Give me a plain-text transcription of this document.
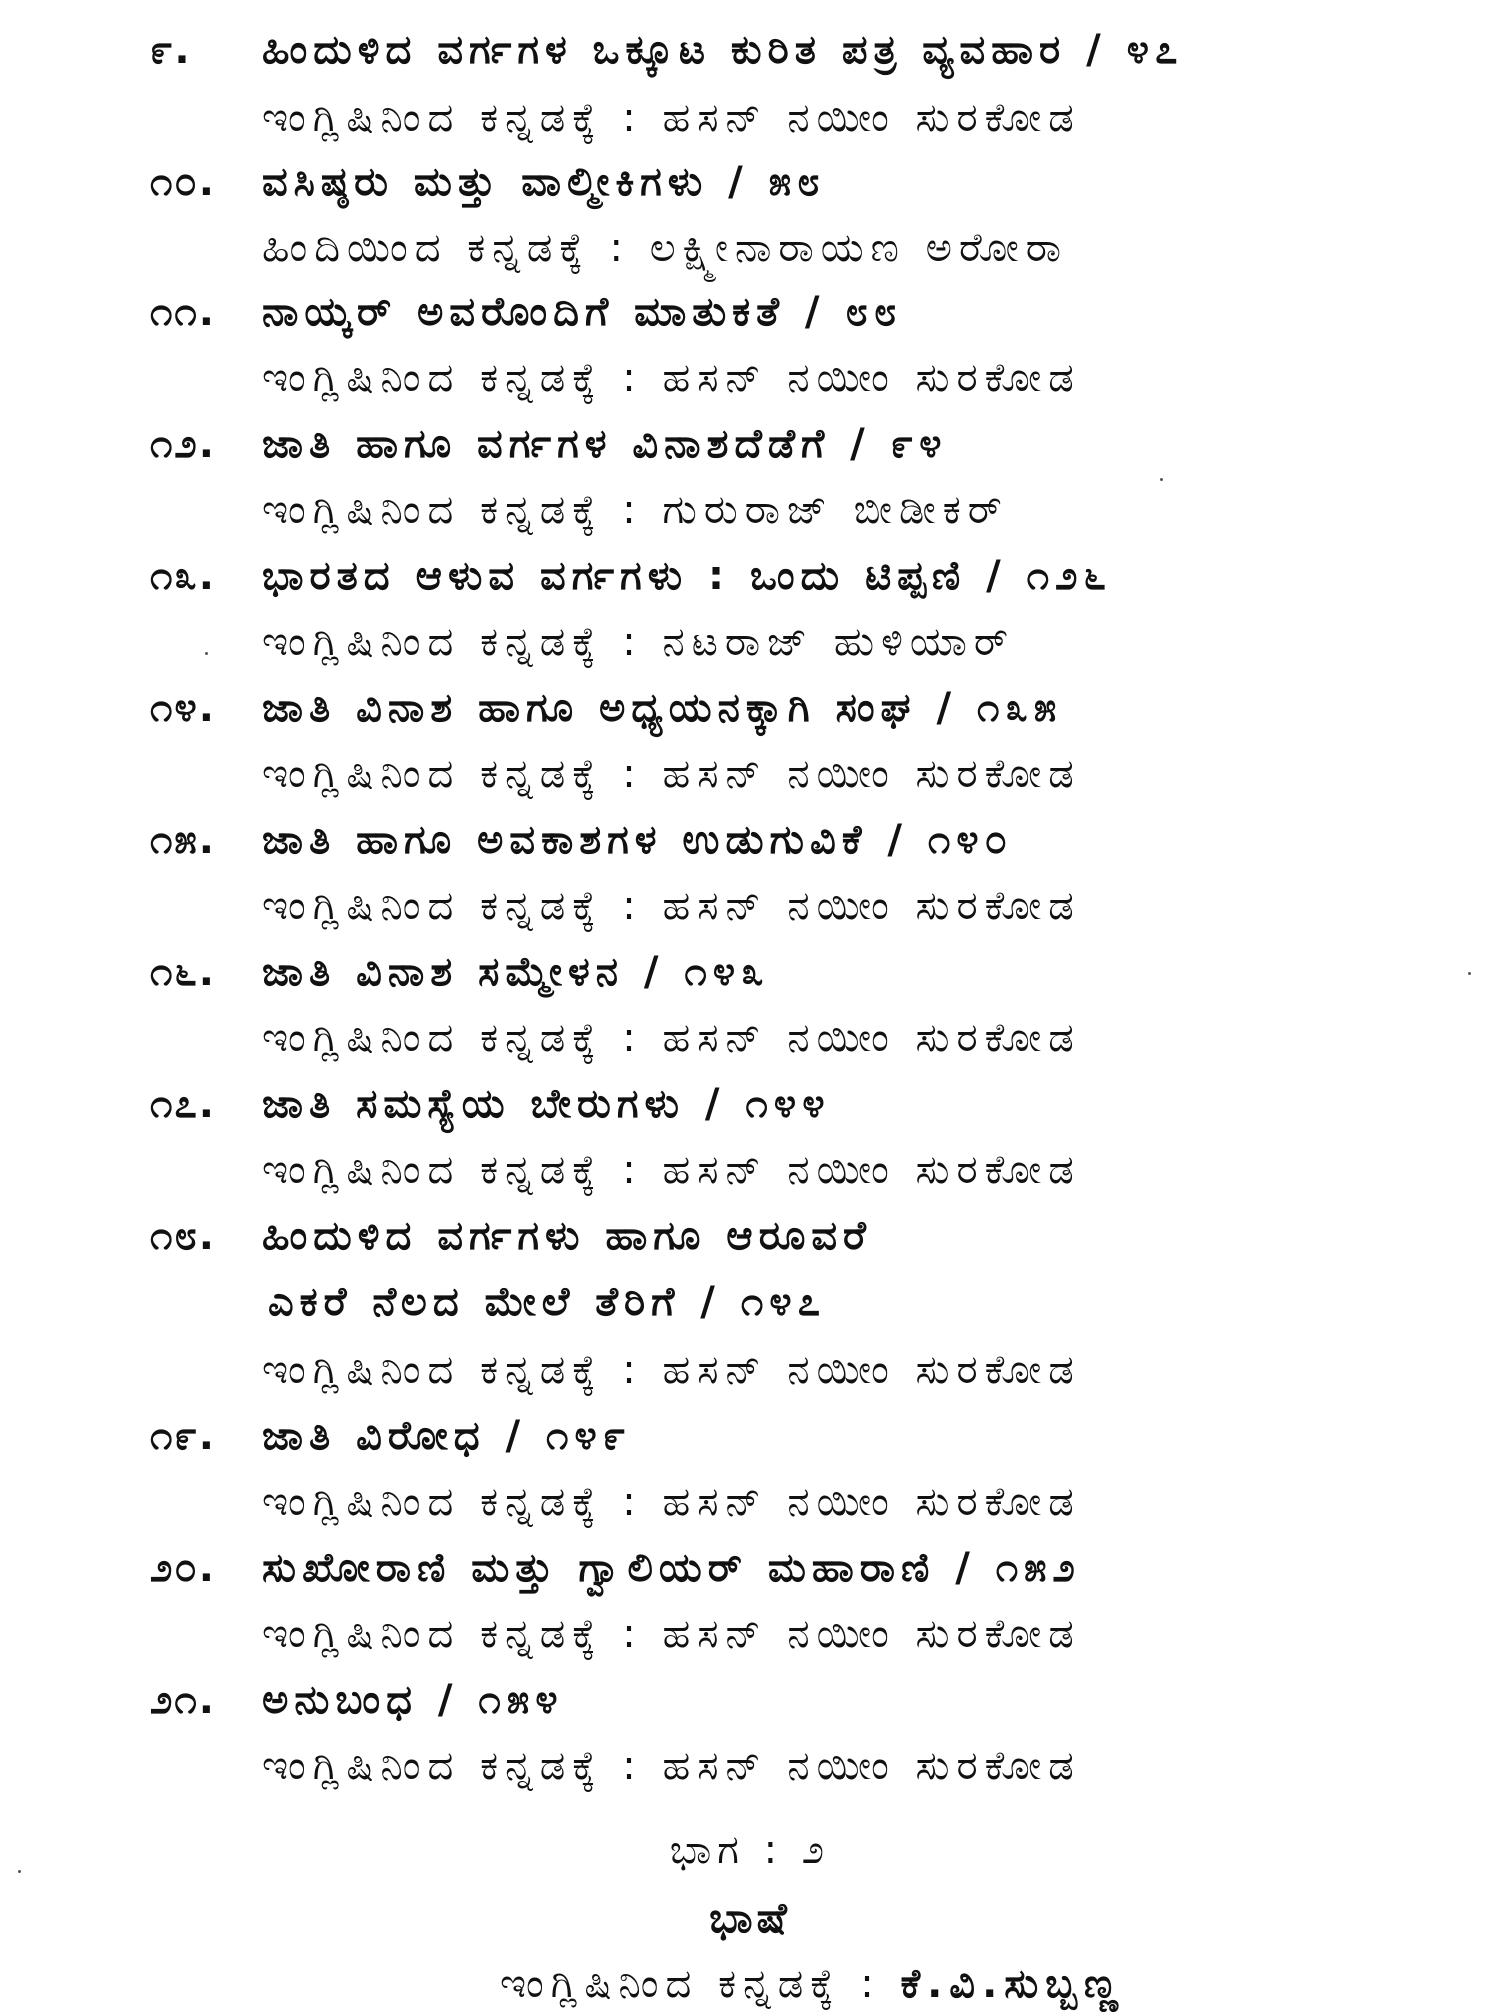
೯. ಹಿಂದುಳಿದ ವರ್ಗಗಳ ಒಕ್ಕೂಟ ಕುರಿತ ಪತ್ರ ವ್ಯವಹಾರ / ೪೭
ಇಂಗ್ಲಿಷಿನಿಂದ ಕನ್ನಡಕ್ಕೆ : ಹಸನ್ ನಯೀಂ ಸುರಕೋಡ
೧೦. ವಸಿಷ್ಠರು ಮತ್ತು ವಾಲ್ಮೀಕಿಗಳು / ೫೮
ಹಿಂದಿಯಿಂದ ಕನ್ನಡಕ್ಕೆ : ಲಕ್ಷ್ಮೀನಾರಾಯಣ ಅರೋರಾ
೧೧. ನಾಯ್ಕರ್ ಅವರೊಂದಿಗೆ ಮಾತುಕತೆ / ೮೮
ಇಂಗ್ಲಿಷಿನಿಂದ ಕನ್ನಡಕ್ಕೆ : ಹಸನ್ ನಯೀಂ ಸುರಕೋಡ
೧೨. ಜಾತಿ ಹಾಗೂ ವರ್ಗಗಳ ವಿನಾಶದೆಡೆಗೆ / ೯೪
ಇಂಗ್ಲಿಷಿನಿಂದ ಕನ್ನಡಕ್ಕೆ : ಗುರುರಾಜ್ ಬೀಡೀಕರ್
೧೩. ಭಾರತದ ಆಳುವ ವರ್ಗಗಳು : ಒಂದು ಟಿಪ್ಪಣಿ / ೧೨೬
ಇಂಗ್ಲಿಷಿನಿಂದ ಕನ್ನಡಕ್ಕೆ : ನಟರಾಜ್ ಹುಳಿಯಾರ್
೧೪. ಜಾತಿ ವಿನಾಶ ಹಾಗೂ ಅಧ್ಯಯನಕ್ಕಾಗಿ ಸಂಘ / ೧೩೫
ಇಂಗ್ಲಿಷಿನಿಂದ ಕನ್ನಡಕ್ಕೆ : ಹಸನ್ ನಯೀಂ ಸುರಕೋಡ
೧೫. ಜಾತಿ ಹಾಗೂ ಅವಕಾಶಗಳ ಉಡುಗುವಿಕೆ / ೧೪೦
ಇಂಗ್ಲಿಷಿನಿಂದ ಕನ್ನಡಕ್ಕೆ : ಹಸನ್ ನಯೀಂ ಸುರಕೋಡ
೧೬. ಜಾತಿ ವಿನಾಶ ಸಮ್ಮೇಳನ / ೧೪೩
ಇಂಗ್ಲಿಷಿನಿಂದ ಕನ್ನಡಕ್ಕೆ : ಹಸನ್ ನಯೀಂ ಸುರಕೋಡ
೧೭. ಜಾತಿ ಸಮಸ್ಯೆಯ ಬೇರುಗಳು / ೧೪೪
ಇಂಗ್ಲಿಷಿನಿಂದ ಕನ್ನಡಕ್ಕೆ : ಹಸನ್ ನಯೀಂ ಸುರಕೋಡ
೧೮. ಹಿಂದುಳಿದ ವರ್ಗಗಳು ಹಾಗೂ ಆರೂವರೆ
ಎಕರೆ ನೆಲದ ಮೇಲೆ ತೆರಿಗೆ / ೧೪೭
ಇಂಗ್ಲಿಷಿನಿಂದ ಕನ್ನಡಕ್ಕೆ : ಹಸನ್ ನಯೀಂ ಸುರಕೋಡ
೧೯. ಜಾತಿ ವಿರೋಧ / ೧೪೯
ಇಂಗ್ಲಿಷಿನಿಂದ ಕನ್ನಡಕ್ಕೆ : ಹಸನ್ ನಯೀಂ ಸುರಕೋಡ
೨೦. ಸುಖೋರಾಣಿ ಮತ್ತು ಗ್ವಾಲಿಯರ್ ಮಹಾರಾಣಿ / ೧೫೨
ಇಂಗ್ಲಿಷಿನಿಂದ ಕನ್ನಡಕ್ಕೆ : ಹಸನ್ ನಯೀಂ ಸುರಕೋಡ
೨೧. ಅನುಬಂಧ / ೧೫೪
ಇಂಗ್ಲಿಷಿನಿಂದ ಕನ್ನಡಕ್ಕೆ : ಹಸನ್ ನಯೀಂ ಸುರಕೋಡ
ಭಾಗ : ೨
ಭಾಷೆ
ಇಂಗ್ಲಿಷಿನಿಂದ ಕನ್ನಡಕ್ಕೆ : ಕೆ.ವಿ.ಸುಬ್ಬಣ್ಣ
